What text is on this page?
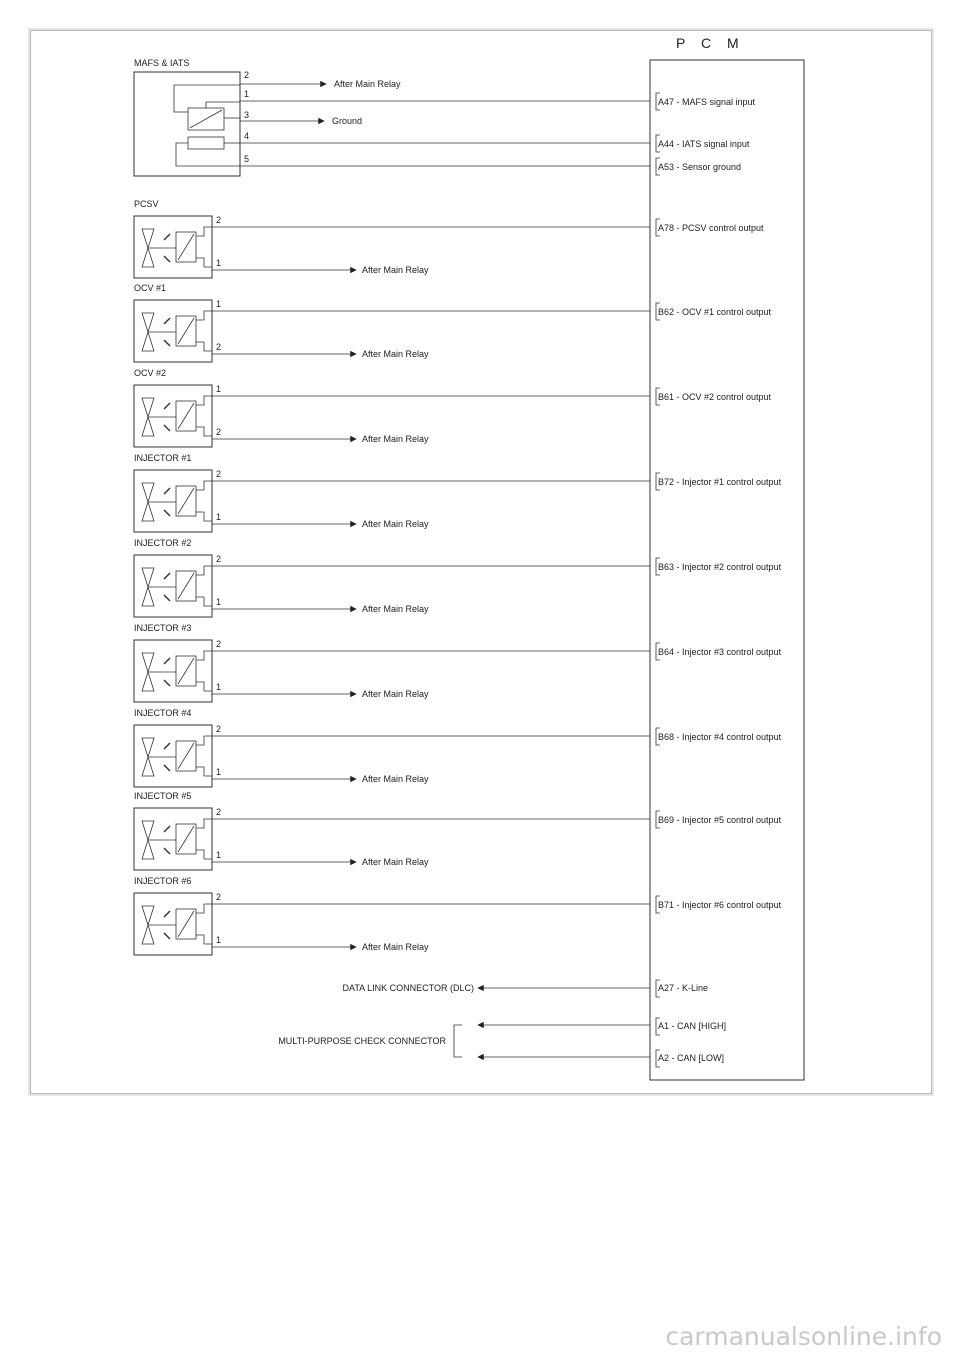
P C M
MAFS & IATS
2
1
3
4
5
After Main Relay
Ground
A47 - MAFS signal input
A44 - IATS signal input
A53 - Sensor ground
PCSV
2
1
After Main Relay
A78 - PCSV control output
OCV #1
1
2
After Main Relay
B62 - OCV #1 control output
OCV #2
1
2
After Main Relay
B61 - OCV #2 control output
INJECTOR #1
2
1
After Main Relay
B72 - Injector #1 control output
INJECTOR #2
2
1
After Main Relay
B63 - Injector #2 control output
INJECTOR #3
2
1
After Main Relay
B64 - Injector #3 control output
INJECTOR #4
2
1
After Main Relay
B68 - Injector #4 control output
INJECTOR #5
2
1
After Main Relay
B69 - Injector #5 control output
INJECTOR #6
2
1
After Main Relay
B71 - Injector #6 control output
DATA LINK CONNECTOR (DLC)	A27 - K-Line
MULTI-PURPOSE CHECK CONNECTOR
A1 - CAN [HIGH]
A2 - CAN [LOW]
carmanualsonline.info
